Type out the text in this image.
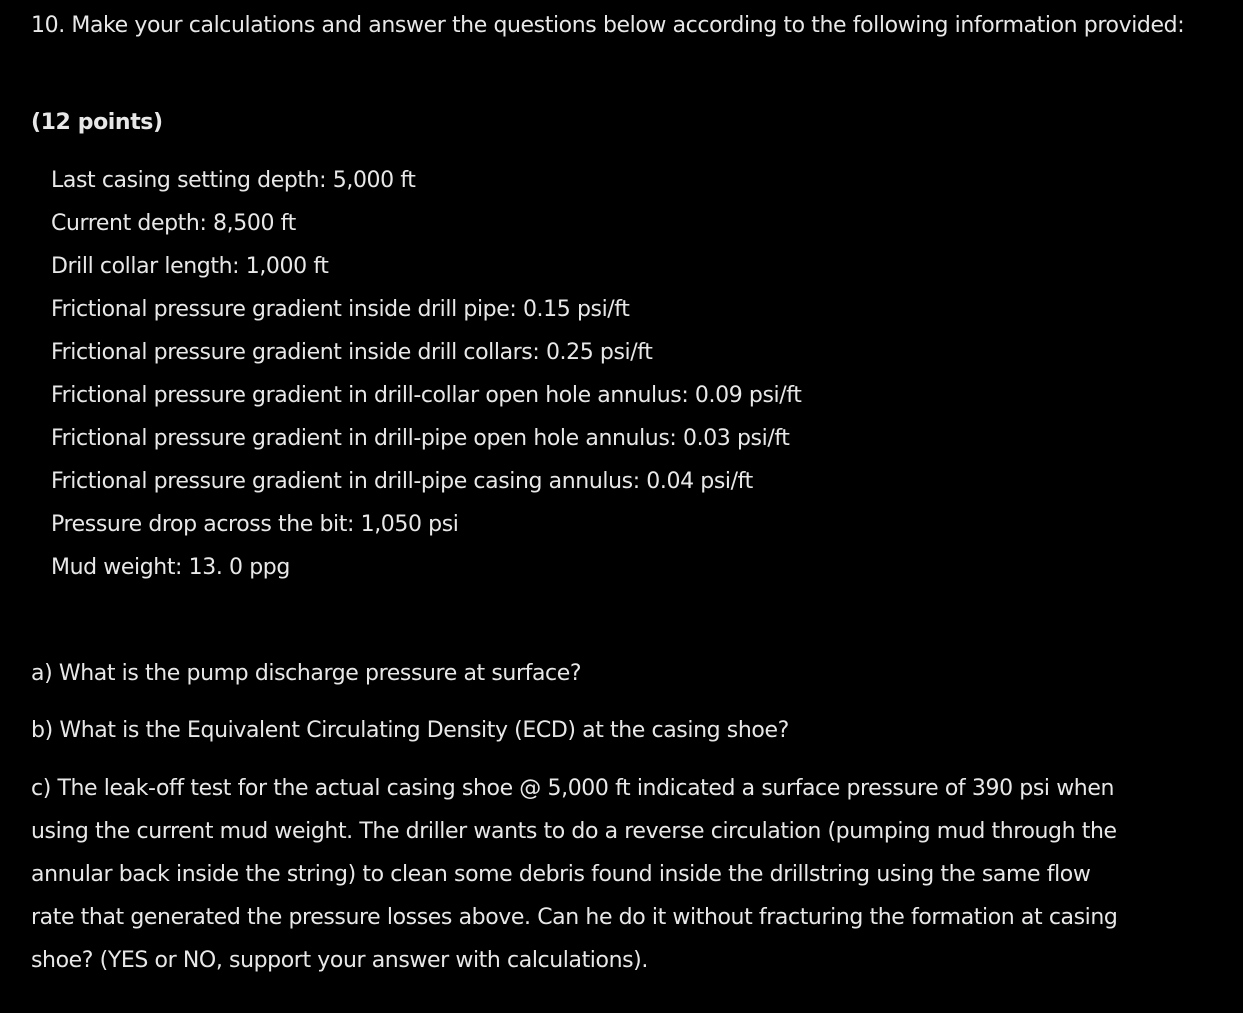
10. Make your calculations and answer the questions below according to the following information provided:

(12 points)

Last casing setting depth: 5,000 ft
Current depth: 8,500 ft
Drill collar length: 1,000 ft
Frictional pressure gradient inside drill pipe: 0.15 psi/ft
Frictional pressure gradient inside drill collars: 0.25 psi/ft
Frictional pressure gradient in drill-collar open hole annulus: 0.09 psi/ft
Frictional pressure gradient in drill-pipe open hole annulus: 0.03 psi/ft
Frictional pressure gradient in drill-pipe casing annulus: 0.04 psi/ft
Pressure drop across the bit: 1,050 psi
Mud weight: 13. 0 ppg

a) What is the pump discharge pressure at surface?

b) What is the Equivalent Circulating Density (ECD) at the casing shoe?

c) The leak-off test for the actual casing shoe @ 5,000 ft indicated a surface pressure of 390 psi when
using the current mud weight. The driller wants to do a reverse circulation (pumping mud through the
annular back inside the string) to clean some debris found inside the drillstring using the same flow
rate that generated the pressure losses above. Can he do it without fracturing the formation at casing
shoe? (YES or NO, support your answer with calculations).
